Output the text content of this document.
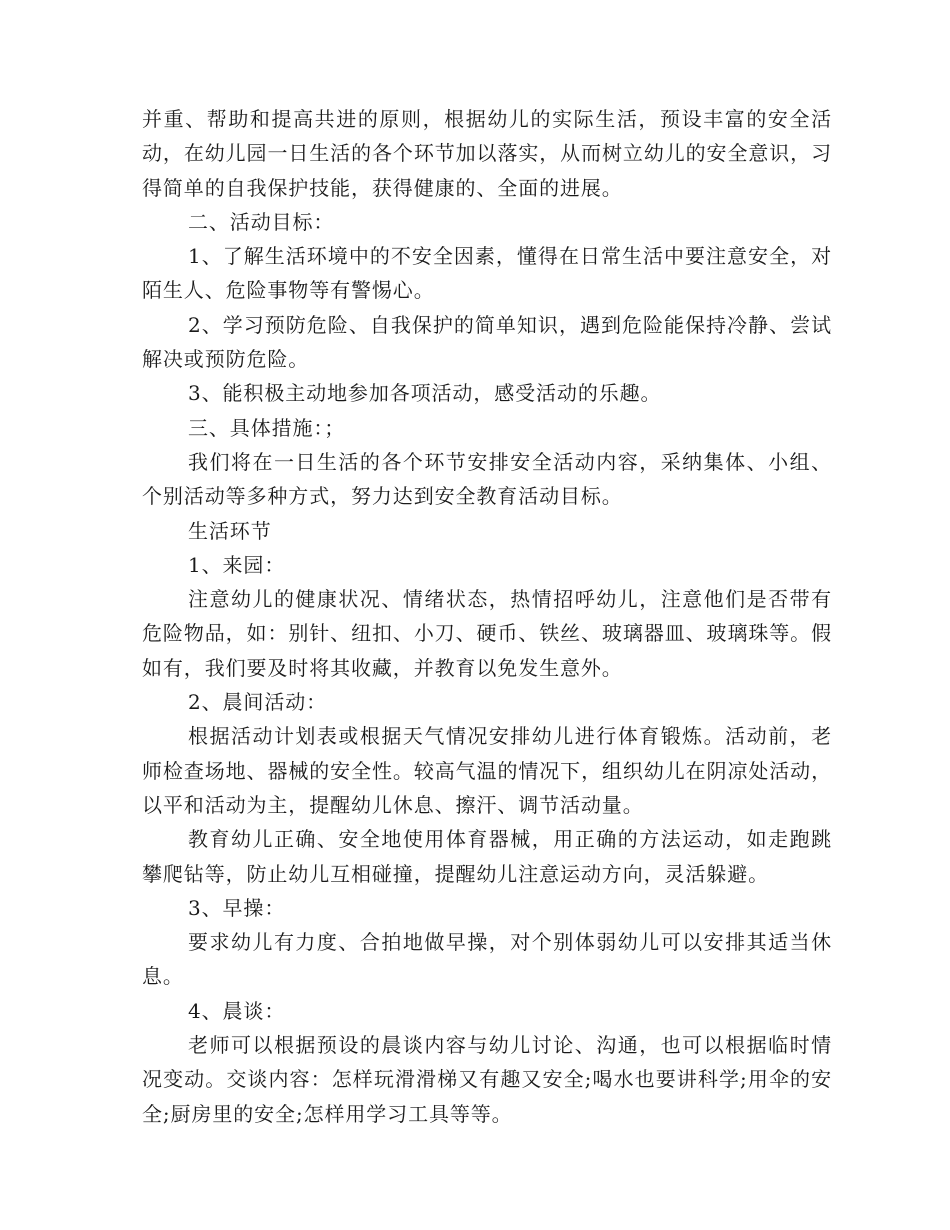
并重、帮助和提高共进的原则，根据幼儿的实际生活，预设丰富的安全活动，在幼儿园一日生活的各个环节加以落实，从而树立幼儿的安全意识，习得简单的自我保护技能，获得健康的、全面的进展。

二、活动目标：

1、了解生活环境中的不安全因素，懂得在日常生活中要注意安全，对陌生人、危险事物等有警惕心。

2、学习预防危险、自我保护的简单知识，遇到危险能保持冷静、尝试解决或预防危险。

3、能积极主动地参加各项活动，感受活动的乐趣。

三、具体措施：；

我们将在一日生活的各个环节安排安全活动内容，采纳集体、小组、个别活动等多种方式，努力达到安全教育活动目标。

生活环节

1、来园：

注意幼儿的健康状况、情绪状态，热情招呼幼儿，注意他们是否带有危险物品，如：别针、纽扣、小刀、硬币、铁丝、玻璃器皿、玻璃珠等。假如有，我们要及时将其收藏，并教育以免发生意外。

2、晨间活动：

根据活动计划表或根据天气情况安排幼儿进行体育锻炼。活动前，老师检查场地、器械的安全性。较高气温的情况下，组织幼儿在阴凉处活动，以平和活动为主，提醒幼儿休息、擦汗、调节活动量。

教育幼儿正确、安全地使用体育器械，用正确的方法运动，如走跑跳攀爬钻等，防止幼儿互相碰撞，提醒幼儿注意运动方向，灵活躲避。

3、早操：

要求幼儿有力度、合拍地做早操，对个别体弱幼儿可以安排其适当休息。

4、晨谈：

老师可以根据预设的晨谈内容与幼儿讨论、沟通，也可以根据临时情况变动。交谈内容：怎样玩滑滑梯又有趣又安全;喝水也要讲科学;用伞的安全;厨房里的安全;怎样用学习工具等等。
